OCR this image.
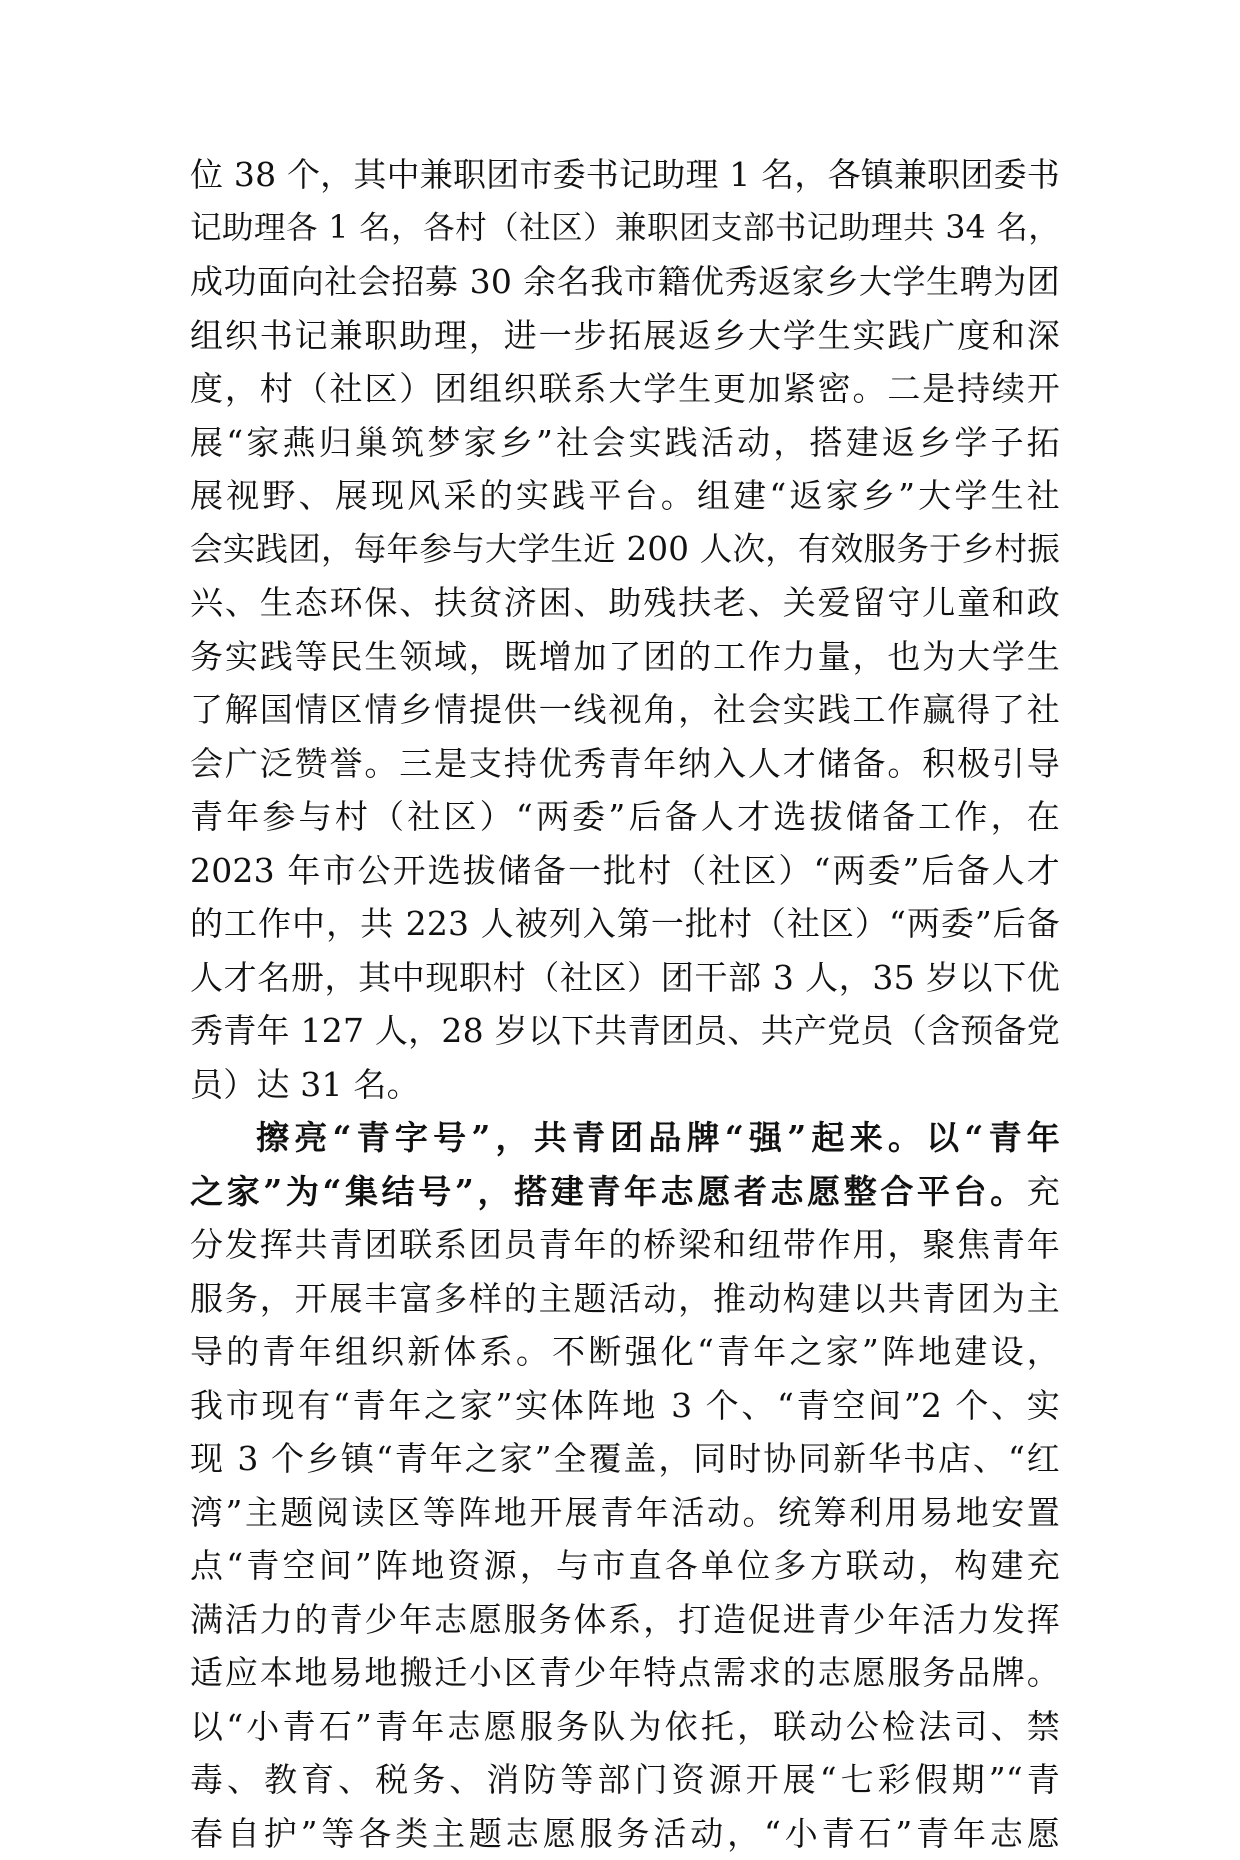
位 38 个，其中兼职团市委书记助理 1 名，各镇兼职团委书
记助理各 1 名，各村（社区）兼职团支部书记助理共 34 名，
成功面向社会招募 30 余名我市籍优秀返家乡大学生聘为团
组织书记兼职助理，进一步拓展返乡大学生实践广度和深
度，村（社区）团组织联系大学生更加紧密。二是持续开
展“家燕归巢筑梦家乡”社会实践活动，搭建返乡学子拓
展视野、展现风采的实践平台。组建“返家乡”大学生社
会实践团，每年参与大学生近 200 人次，有效服务于乡村振
兴、生态环保、扶贫济困、助残扶老、关爱留守儿童和政
务实践等民生领域，既增加了团的工作力量，也为大学生
了解国情区情乡情提供一线视角，社会实践工作赢得了社
会广泛赞誉。三是支持优秀青年纳入人才储备。积极引导
青年参与村（社区）“两委”后备人才选拔储备工作，在
2023 年市公开选拔储备一批村（社区）“两委”后备人才
的工作中，共 223 人被列入第一批村（社区）“两委”后备
人才名册，其中现职村（社区）团干部 3 人，35 岁以下优
秀青年 127 人，28 岁以下共青团员、共产党员（含预备党
员）达 31 名。
擦亮“青字号”，共青团品牌“强”起来。以“青年
之家”为“集结号”，搭建青年志愿者志愿整合平台。充
分发挥共青团联系团员青年的桥梁和纽带作用，聚焦青年
服务，开展丰富多样的主题活动，推动构建以共青团为主
导的青年组织新体系。不断强化“青年之家”阵地建设，
我市现有“青年之家”实体阵地 3 个、“青空间”2 个、实
现 3 个乡镇“青年之家”全覆盖，同时协同新华书店、“红
湾”主题阅读区等阵地开展青年活动。统筹利用易地安置
点“青空间”阵地资源，与市直各单位多方联动，构建充
满活力的青少年志愿服务体系，打造促进青少年活力发挥
适应本地易地搬迁小区青少年特点需求的志愿服务品牌。
以“小青石”青年志愿服务队为依托，联动公检法司、禁
毒、教育、税务、消防等部门资源开展“七彩假期”“青
春自护”等各类主题志愿服务活动，“小青石”青年志愿
